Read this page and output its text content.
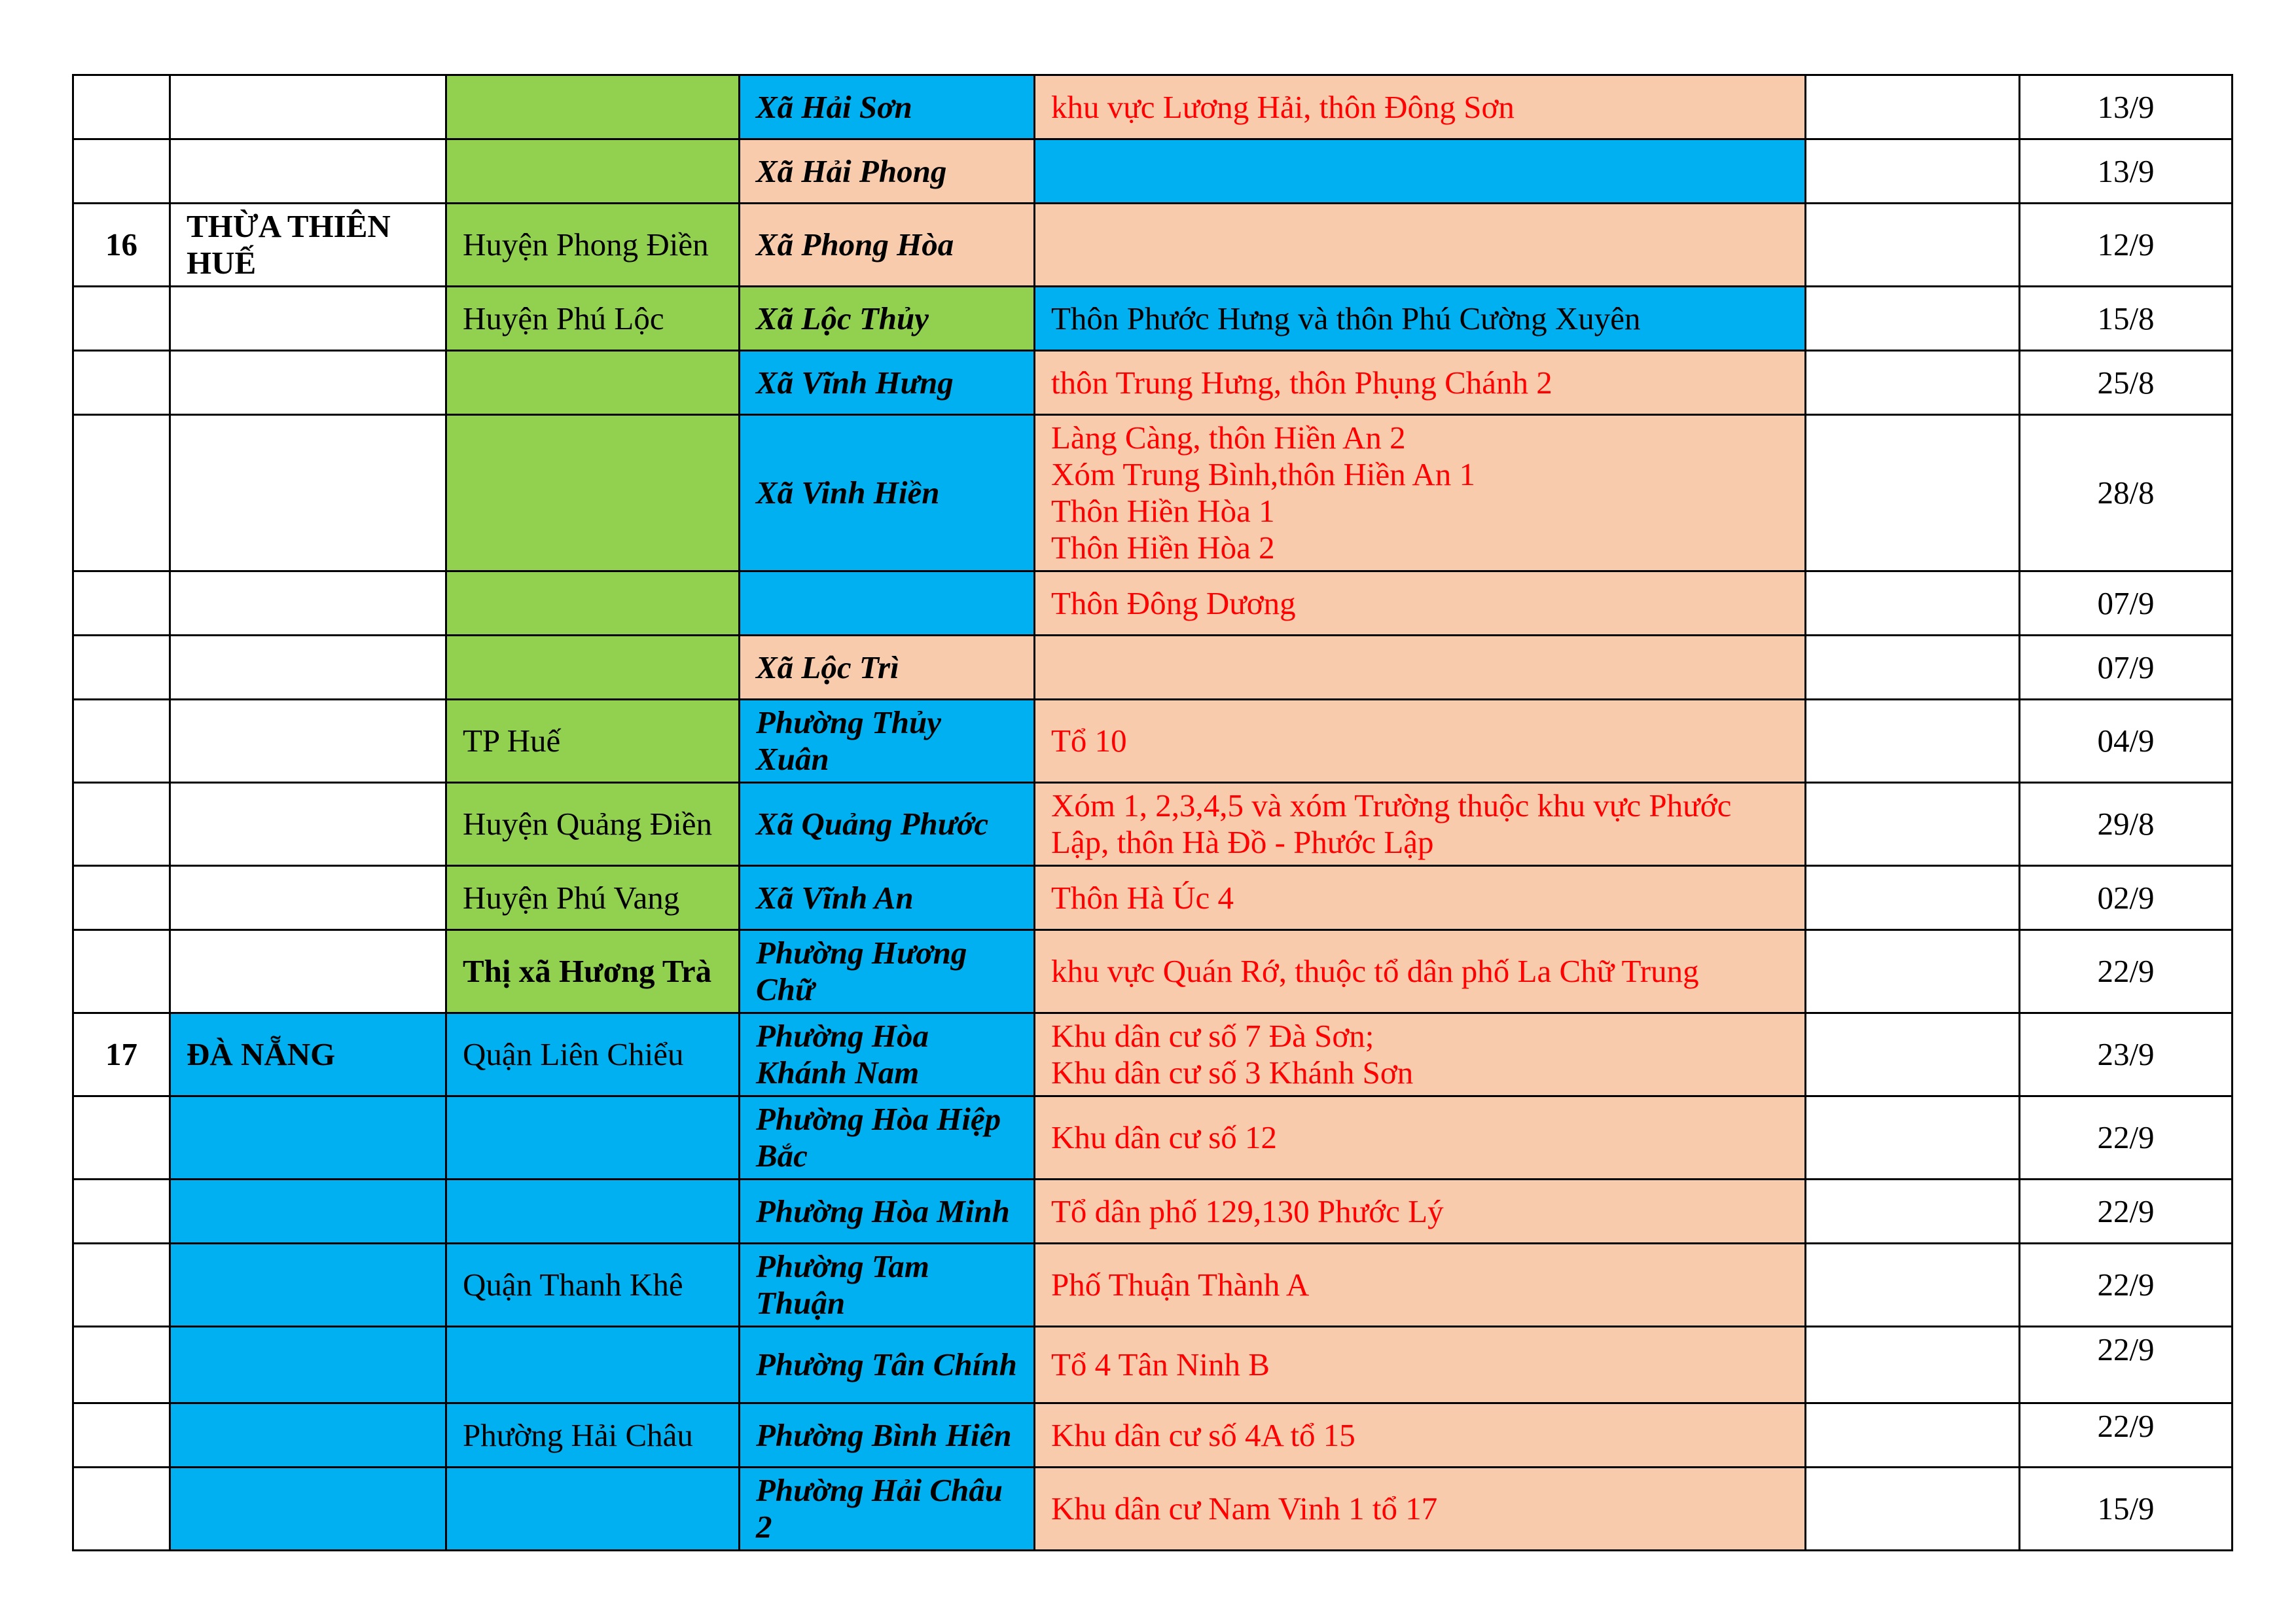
			Xã Hải Sơn	khu vực Lương Hải, thôn Đông Sơn		13/9
			Xã Hải Phong			13/9
16	THỪA THIÊN HUẾ	Huyện Phong Điền	Xã Phong Hòa			12/9
		Huyện Phú Lộc	Xã Lộc Thủy	Thôn Phước Hưng và thôn Phú Cường Xuyên		15/8
			Xã Vĩnh Hưng	thôn Trung Hưng, thôn Phụng Chánh 2		25/8
			Xã Vinh Hiền	Làng Càng, thôn Hiền An 2
Xóm Trung Bình,thôn Hiền An 1
Thôn Hiền Hòa 1
Thôn Hiền Hòa 2		28/8

				Thôn Đông Dương		07/9
			Xã Lộc Trì			07/9
		TP Huế	Phường Thủy Xuân	Tổ 10		04/9
		Huyện Quảng Điền	Xã Quảng Phước	Xóm 1, 2,3,4,5 và xóm Trường thuộc khu vực Phước Lập, thôn Hà Đồ - Phước Lập		29/8
		Huyện Phú Vang	Xã Vĩnh An	Thôn Hà Úc 4		02/9
		Thị xã Hương Trà	Phường Hương Chữ	khu vực Quán Rớ, thuộc tổ dân phố La Chữ Trung		22/9
17	ĐÀ NẴNG	Quận Liên Chiểu	Phường Hòa Khánh Nam	Khu dân cư số 7 Đà Sơn;
Khu dân cư số 3 Khánh Sơn		23/9
			Phường Hòa Hiệp Bắc	Khu dân cư số 12		22/9
			Phường Hòa Minh	Tổ dân phố 129,130 Phước Lý		22/9
		Quận Thanh Khê	Phường Tam Thuận	Phố Thuận Thành A		22/9
			Phường Tân Chính	Tổ 4 Tân Ninh B		22/9
		Phường Hải Châu	Phường Bình Hiên	Khu dân cư số 4A tổ 15		22/9
			Phường Hải Châu 2	Khu dân cư Nam Vinh 1 tổ 17		15/9
